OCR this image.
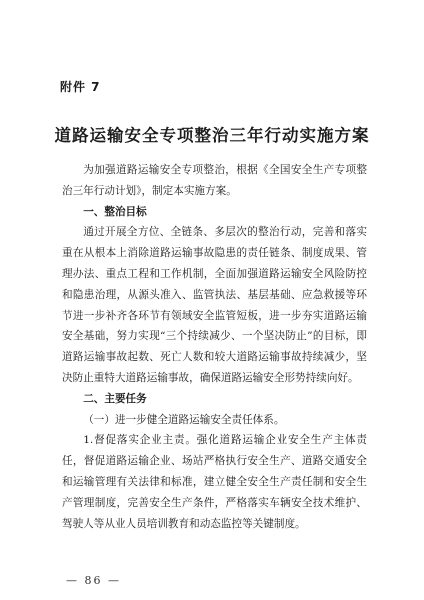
附件 7
道路运输安全专项整治三年行动实施方案

为加强道路运输安全专项整治，根据《全国安全生产专项整治三年行动计划》，制定本实施方案。

一、整治目标

通过开展全方位、全链条、多层次的整治行动，完善和落实重在从根本上消除道路运输事故隐患的责任链条、制度成果、管理办法、重点工程和工作机制，全面加强道路运输安全风险防控和隐患治理，从源头准入、监管执法、基层基础、应急救援等环节进一步补齐各环节有领域安全监管短板，进一步夯实道路运输安全基础，努力实现“三个持续减少、一个坚决防止”的目标，即道路运输事故起数、死亡人数和较大道路运输事故持续减少，坚决防止重特大道路运输事故，确保道路运输安全形势持续向好。

二、主要任务

（一）进一步健全道路运输安全责任体系。

1.督促落实企业主责。强化道路运输企业安全生产主体责任，督促道路运输企业、场站严格执行安全生产、道路交通安全和运输管理有关法律和标准，建立健全安全生产责任制和安全生产管理制度，完善安全生产条件，严格落实车辆安全技术维护、驾驶人等从业人员培训教育和动态监控等关键制度。

— 86 —
